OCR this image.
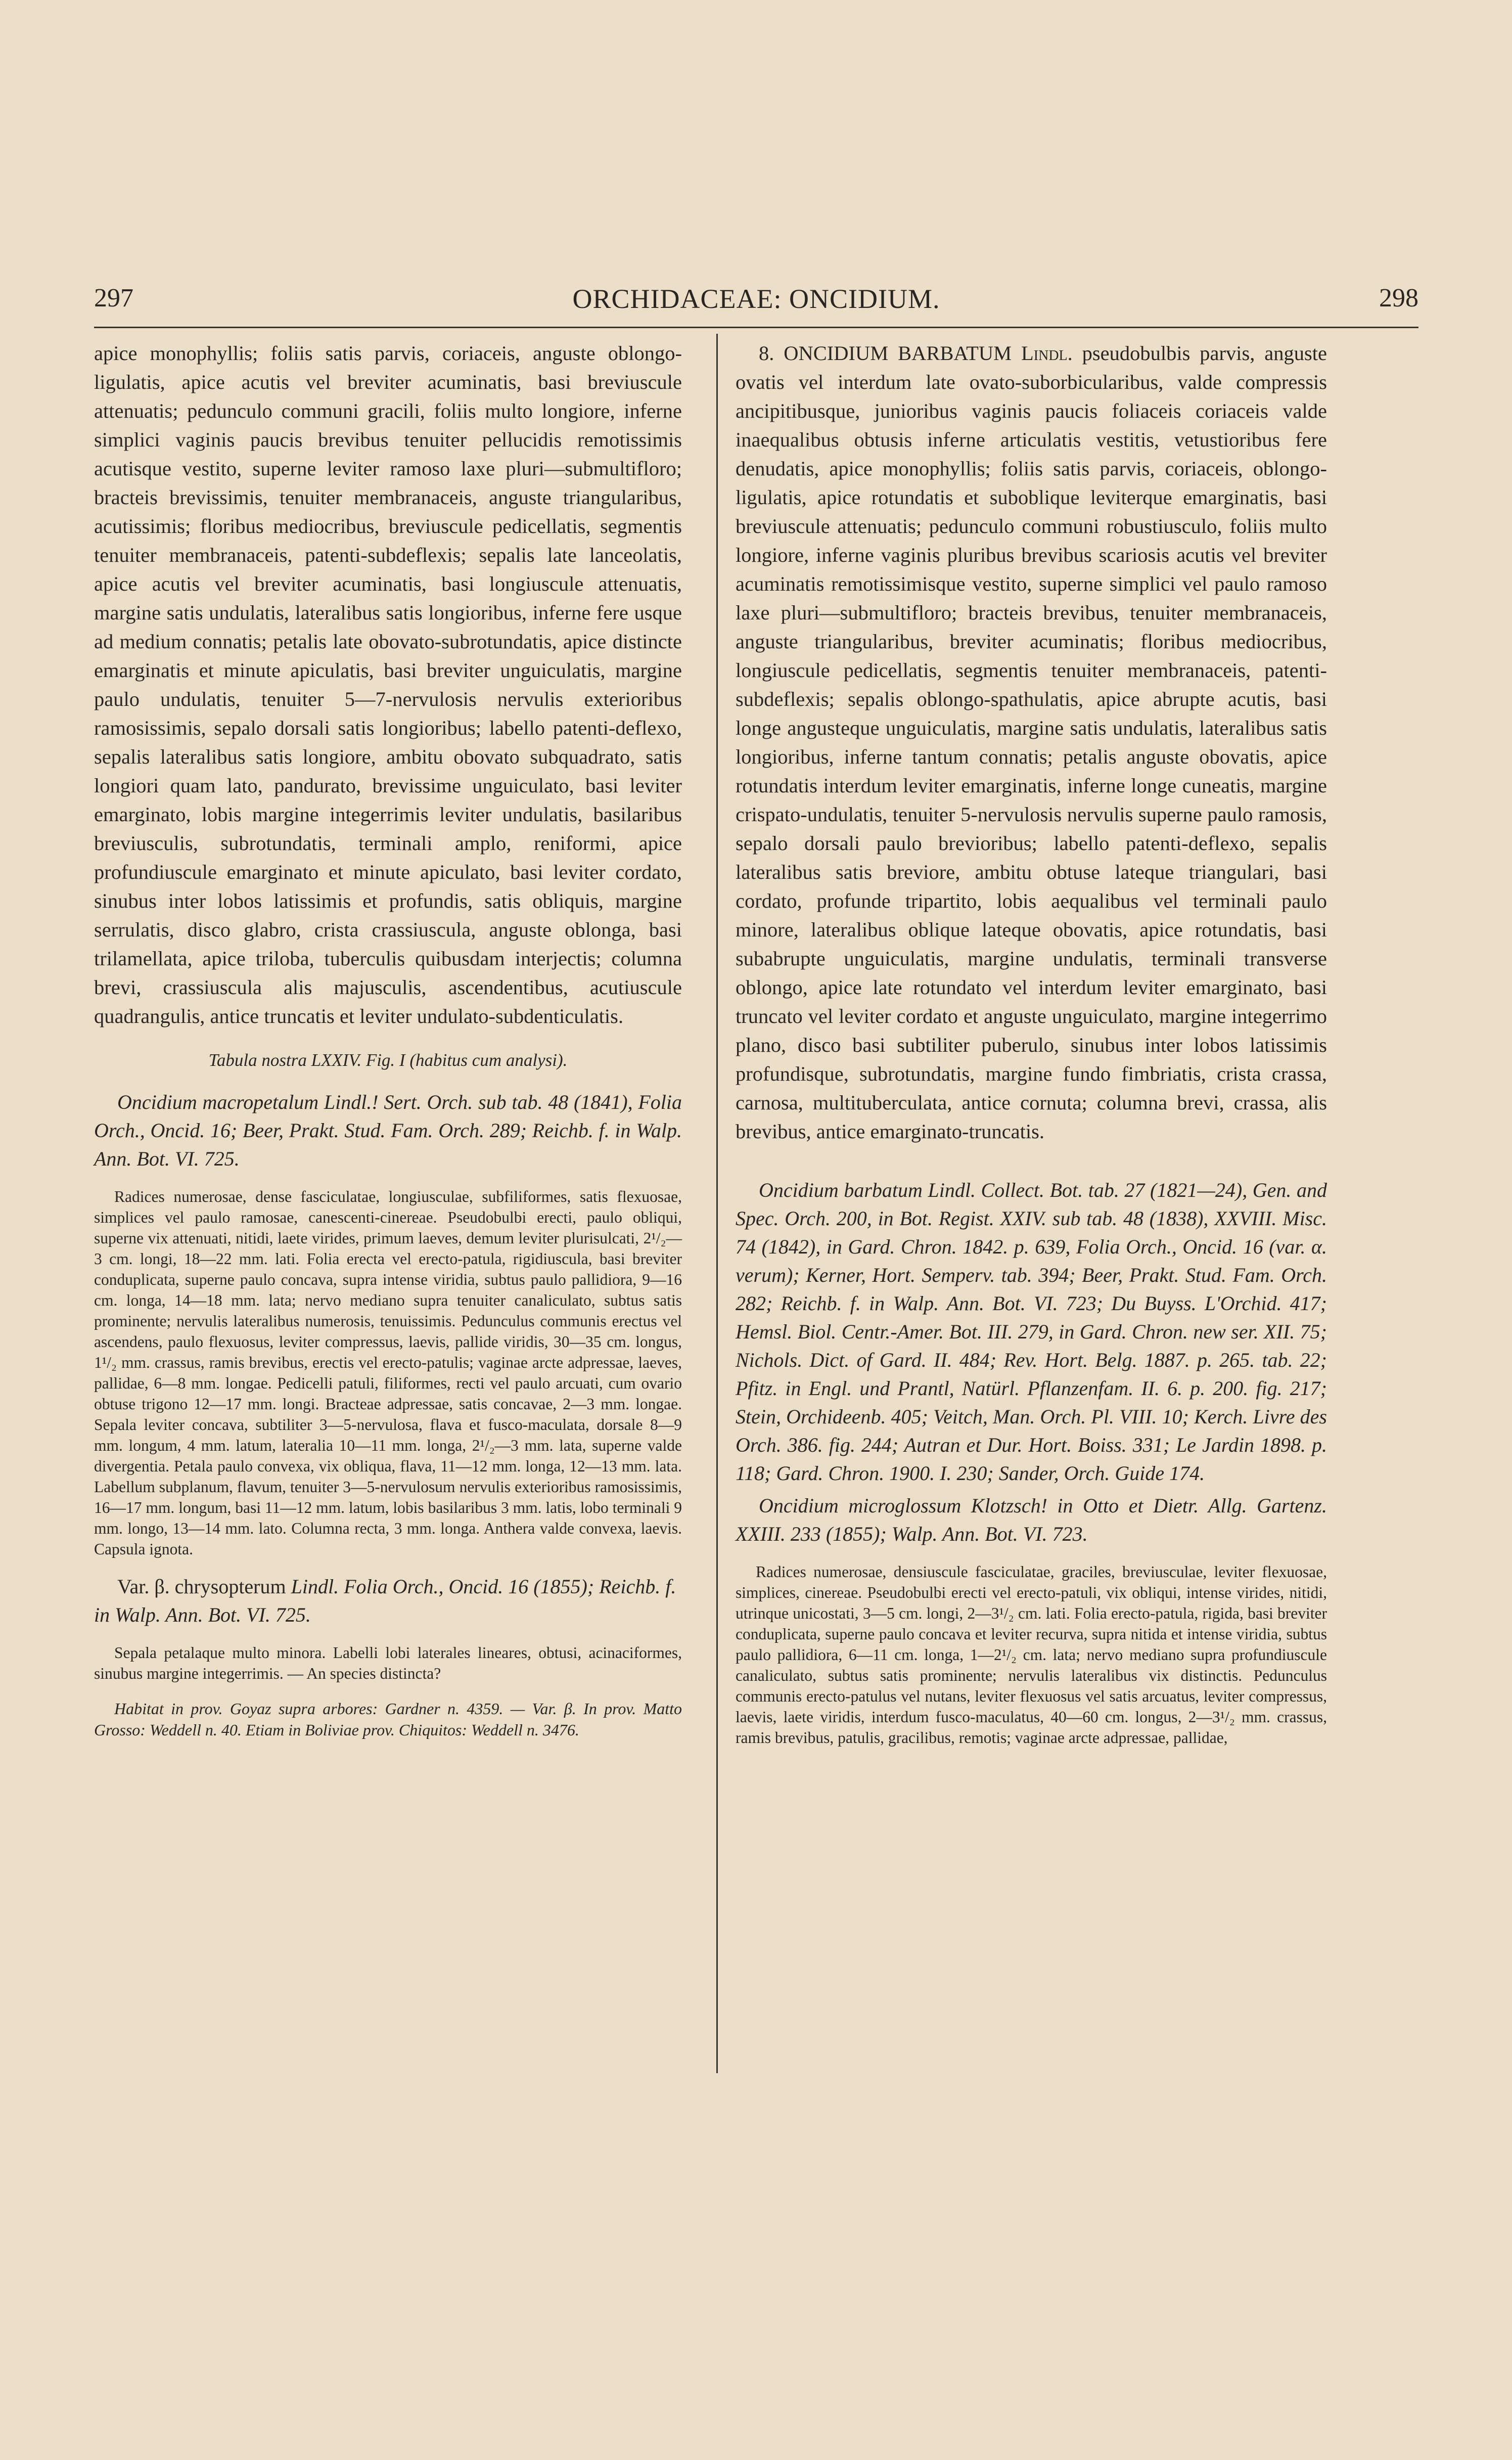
297	ORCHIDACEAE: ONCIDIUM.	298

apice monophyllis; foliis satis parvis, coriaceis, anguste oblongo-ligulatis, apice acutis vel breviter acuminatis, basi breviuscule attenuatis; pedunculo communi gracili, foliis multo longiore, inferne simplici vaginis paucis brevibus tenuiter pellucidis remotissimis acutisque vestito, superne leviter ramoso laxe pluri—submultifloro; bracteis brevissimis, tenuiter membranaceis, anguste triangularibus, acutissimis; floribus mediocribus, breviuscule pedicellatis, segmentis tenuiter membranaceis, patenti-subdeflexis; sepalis late lanceolatis, apice acutis vel breviter acuminatis, basi longiuscule attenuatis, margine satis undulatis, lateralibus satis longioribus, inferne fere usque ad medium connatis; petalis late obovato-subrotundatis, apice distincte emarginatis et minute apiculatis, basi breviter unguiculatis, margine paulo undulatis, tenuiter 5—7-nervulosis nervulis exterioribus ramosissimis, sepalo dorsali satis longioribus; labello patenti-deflexo, sepalis lateralibus satis longiore, ambitu obovato subquadrato, satis longiori quam lato, pandurato, brevissime unguiculato, basi leviter emarginato, lobis margine integerrimis leviter undulatis, basilaribus breviusculis, subrotundatis, terminali amplo, reniformi, apice profundiuscule emarginato et minute apiculato, basi leviter cordato, sinubus inter lobos latissimis et profundis, satis obliquis, margine serrulatis, disco glabro, crista crassiuscula, anguste oblonga, basi trilamellata, apice triloba, tuberculis quibusdam interjectis; columna brevi, crassiuscula alis majusculis, ascendentibus, acutiuscule quadrangulis, antice truncatis et leviter undulato-subdenticulatis.

Tabula nostra LXXIV. Fig. I (habitus cum analysi).

Oncidium macropetalum Lindl.! Sert. Orch. sub tab. 48 (1841), Folia Orch., Oncid. 16; Beer, Prakt. Stud. Fam. Orch. 289; Reichb. f. in Walp. Ann. Bot. VI. 725.

Radices numerosae, dense fasciculatae, longiusculae, subfiliformes, satis flexuosae, simplices vel paulo ramosae, canescenti-cinereae. Pseudobulbi erecti, paulo obliqui, superne vix attenuati, nitidi, laete virides, primum laeves, demum leviter plurisulcati, 2¹/₂—3 cm. longi, 18—22 mm. lati. Folia erecta vel erecto-patula, rigidiuscula, basi breviter conduplicata, superne paulo concava, supra intense viridia, subtus paulo pallidiora, 9—16 cm. longa, 14—18 mm. lata; nervo mediano supra tenuiter canaliculato, subtus satis prominente; nervulis lateralibus numerosis, tenuissimis. Pedunculus communis erectus vel ascendens, paulo flexuosus, leviter compressus, laevis, pallide viridis, 30—35 cm. longus, 1¹/₂ mm. crassus, ramis brevibus, erectis vel erecto-patulis; vaginae arcte adpressae, laeves, pallidae, 6—8 mm. longae. Pedicelli patuli, filiformes, recti vel paulo arcuati, cum ovario obtuse trigono 12—17 mm. longi. Bracteae adpressae, satis concavae, 2—3 mm. longae. Sepala leviter concava, subtiliter 3—5-nervulosa, flava et fusco-maculata, dorsale 8—9 mm. longum, 4 mm. latum, lateralia 10—11 mm. longa, 2¹/₂—3 mm. lata, superne valde divergentia. Petala paulo convexa, vix obliqua, flava, 11—12 mm. longa, 12—13 mm. lata. Labellum subplanum, flavum, tenuiter 3—5-nervulosum nervulis exterioribus ramosissimis, 16—17 mm. longum, basi 11—12 mm. latum, lobis basilaribus 3 mm. latis, lobo terminali 9 mm. longo, 13—14 mm. lato. Columna recta, 3 mm. longa. Anthera valde convexa, laevis. Capsula ignota.

Var. β. chrysopterum Lindl. Folia Orch., Oncid. 16 (1855); Reichb. f. in Walp. Ann. Bot. VI. 725.

Sepala petalaque multo minora. Labelli lobi laterales lineares, obtusi, acinaciformes, sinubus margine integerrimis. — An species distincta?

Habitat in prov. Goyaz supra arbores: Gardner n. 4359. — Var. β. In prov. Matto Grosso: Weddell n. 40. Etiam in Boliviae prov. Chiquitos: Weddell n. 3476.

8. ONCIDIUM BARBATUM Lindl. pseudobulbis parvis, anguste ovatis vel interdum late ovato-suborbicularibus, valde compressis ancipitibusque, junioribus vaginis paucis foliaceis coriaceis valde inaequalibus obtusis inferne articulatis vestitis, vetustioribus fere denudatis, apice monophyllis; foliis satis parvis, coriaceis, oblongo-ligulatis, apice rotundatis et suboblique leviterque emarginatis, basi breviuscule attenuatis; pedunculo communi robustiusculo, foliis multo longiore, inferne vaginis pluribus brevibus scariosis acutis vel breviter acuminatis remotissimisque vestito, superne simplici vel paulo ramoso laxe pluri—submultifloro; bracteis brevibus, tenuiter membranaceis, anguste triangularibus, breviter acuminatis; floribus mediocribus, longiuscule pedicellatis, segmentis tenuiter membranaceis, patenti-subdeflexis; sepalis oblongo-spathulatis, apice abrupte acutis, basi longe angusteque unguiculatis, margine satis undulatis, lateralibus satis longioribus, inferne tantum connatis; petalis anguste obovatis, apice rotundatis interdum leviter emarginatis, inferne longe cuneatis, margine crispato-undulatis, tenuiter 5-nervulosis nervulis superne paulo ramosis, sepalo dorsali paulo brevioribus; labello patenti-deflexo, sepalis lateralibus satis breviore, ambitu obtuse lateque triangulari, basi cordato, profunde tripartito, lobis aequalibus vel terminali paulo minore, lateralibus oblique lateque obovatis, apice rotundatis, basi subabrupte unguiculatis, margine undulatis, terminali transverse oblongo, apice late rotundato vel interdum leviter emarginato, basi truncato vel leviter cordato et anguste unguiculato, margine integerrimo plano, disco basi subtiliter puberulo, sinubus inter lobos latissimis profundisque, subrotundatis, margine fundo fimbriatis, crista crassa, carnosa, multituberculata, antice cornuta; columna brevi, crassa, alis brevibus, antice emarginato-truncatis.

Oncidium barbatum Lindl. Collect. Bot. tab. 27 (1821—24), Gen. and Spec. Orch. 200, in Bot. Regist. XXIV. sub tab. 48 (1838), XXVIII. Misc. 74 (1842), in Gard. Chron. 1842. p. 639, Folia Orch., Oncid. 16 (var. α. verum); Kerner, Hort. Semperv. tab. 394; Beer, Prakt. Stud. Fam. Orch. 282; Reichb. f. in Walp. Ann. Bot. VI. 723; Du Buyss. L'Orchid. 417; Hemsl. Biol. Centr.-Amer. Bot. III. 279, in Gard. Chron. new ser. XII. 75; Nichols. Dict. of Gard. II. 484; Rev. Hort. Belg. 1887. p. 265. tab. 22; Pfitz. in Engl. und Prantl, Natürl. Pflanzenfam. II. 6. p. 200. fig. 217; Stein, Orchideenb. 405; Veitch, Man. Orch. Pl. VIII. 10; Kerch. Livre des Orch. 386. fig. 244; Autran et Dur. Hort. Boiss. 331; Le Jardin 1898. p. 118; Gard. Chron. 1900. I. 230; Sander, Orch. Guide 174.

Oncidium microglossum Klotzsch! in Otto et Dietr. Allg. Gartenz. XXIII. 233 (1855); Walp. Ann. Bot. VI. 723.

Radices numerosae, densiuscule fasciculatae, graciles, breviusculae, leviter flexuosae, simplices, cinereae. Pseudobulbi erecti vel erecto-patuli, vix obliqui, intense virides, nitidi, utrinque unicostati, 3—5 cm. longi, 2—3¹/₂ cm. lati. Folia erecto-patula, rigida, basi breviter conduplicata, superne paulo concava et leviter recurva, supra nitida et intense viridia, subtus paulo pallidiora, 6—11 cm. longa, 1—2¹/₂ cm. lata; nervo mediano supra profundiuscule canaliculato, subtus satis prominente; nervulis lateralibus vix distinctis. Pedunculus communis erecto-patulus vel nutans, leviter flexuosus vel satis arcuatus, leviter compressus, laevis, laete viridis, interdum fusco-maculatus, 40—60 cm. longus, 2—3¹/₂ mm. crassus, ramis brevibus, patulis, gracilibus, remotis; vaginae arcte adpressae, pallidae,
